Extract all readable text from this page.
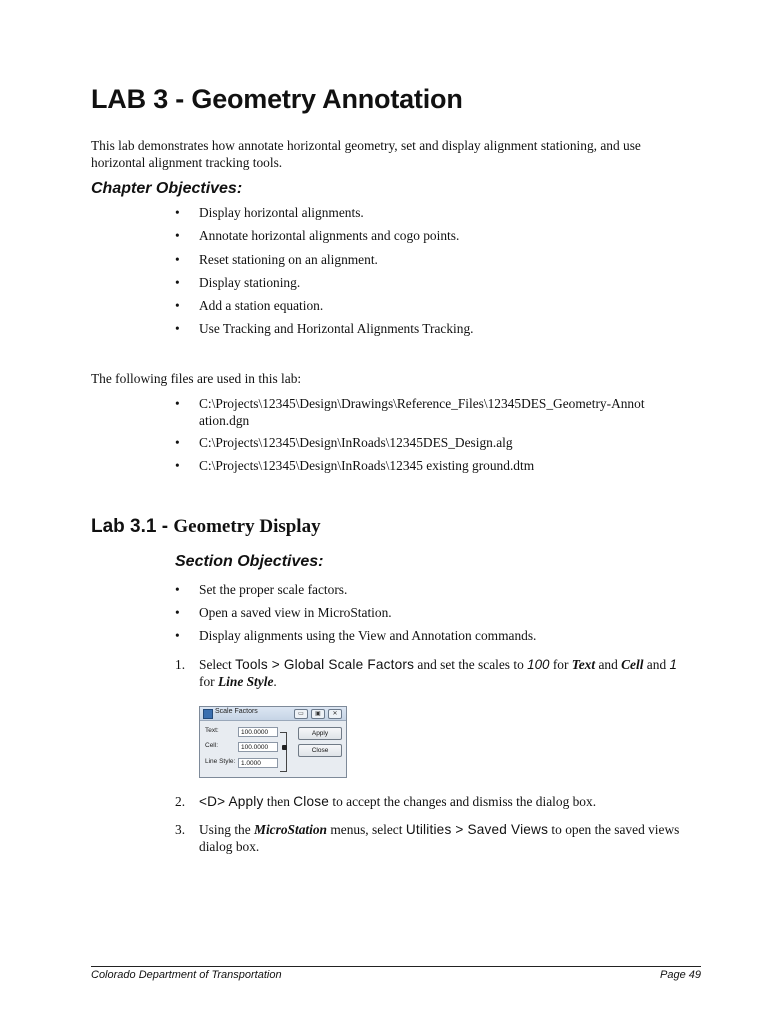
LAB 3 - Geometry Annotation
This lab demonstrates how annotate horizontal geometry, set and display alignment stationing, and use horizontal alignment tracking tools.
Chapter Objectives:
• Display horizontal alignments.
• Annotate horizontal alignments and cogo points.
• Reset stationing on an alignment.
• Display stationing.
• Add a station equation.
• Use Tracking and Horizontal Alignments Tracking.
The following files are used in this lab:
• C:\Projects\12345\Design\Drawings\Reference_Files\12345DES_Geometry-Annotation.dgn
• C:\Projects\12345\Design\InRoads\12345DES_Design.alg
• C:\Projects\12345\Design\InRoads\12345 existing ground.dtm
Lab 3.1 - Geometry Display
Section Objectives:
• Set the proper scale factors.
• Open a saved view in MicroStation.
• Display alignments using the View and Annotation commands.
1. Select Tools > Global Scale Factors and set the scales to 100 for Text and Cell and 1
for Line Style.
Scale Factors	▭	▣	✕
Text:	100.0000
Cell:	100.0000
Line Style: 1.0000
Apply
Close
2. <D> Apply then Close to accept the changes and dismiss the dialog box.
3. Using the MicroStation menus, select Utilities > Saved Views to open the saved views dialog box.
Colorado Department of Transportation	Page 49
